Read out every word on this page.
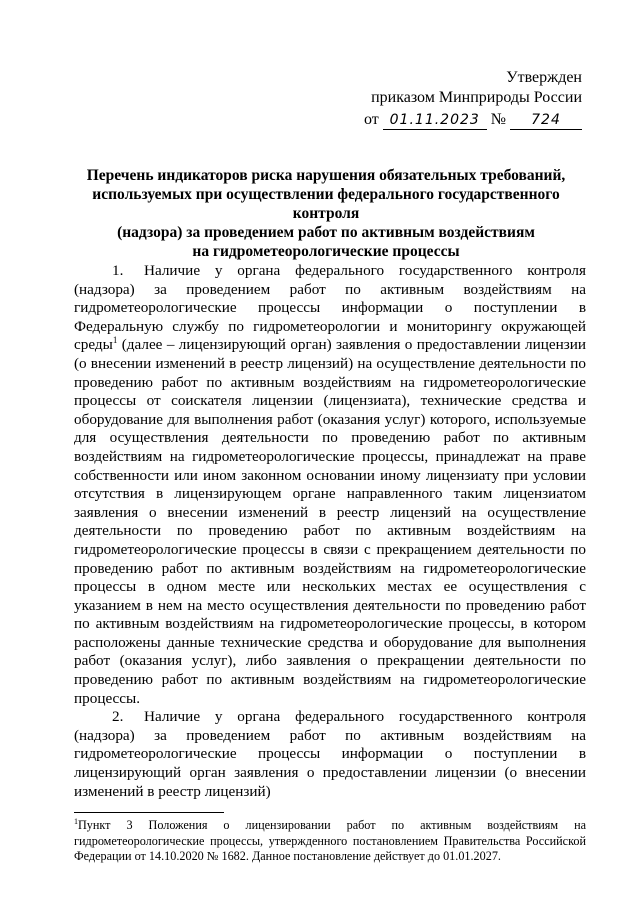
Утвержден
приказом Минприроды России
от 01.11.2023 №	724
Перечень индикаторов риска нарушения обязательных требований,
используемых при осуществлении федерального государственного контроля
(надзора) за проведением работ по активным воздействиям
на гидрометеорологические процессы

1. Наличие у органа федерального государственного контроля (надзора) за проведением работ по активным воздействиям на гидрометеорологические процессы информации о поступлении в Федеральную службу по гидрометеорологии и мониторингу окружающей среды$^1$ (далее – лицензирующий орган) заявления о предоставлении лицензии (о внесении изменений в реестр лицензий) на осуществление деятельности по проведению работ по активным воздействиям на гидрометеорологические процессы от соискателя лицензии (лицензиата), технические средства и оборудование для выполнения работ (оказания услуг) которого, используемые для осуществления деятельности по проведению работ по активным воздействиям на гидрометеорологические процессы, принадлежат на праве собственности или ином законном основании иному лицензиату при условии отсутствия в лицензирующем органе направленного таким лицензиатом заявления о внесении изменений в реестр лицензий на осуществление деятельности по проведению работ по активным воздействиям на гидрометеорологические процессы в связи с прекращением деятельности по проведению работ по активным воздействиям на гидрометеорологические процессы в одном месте или нескольких местах ее осуществления с указанием в нем на место осуществления деятельности по проведению работ по активным воздействиям на гидрометеорологические процессы, в котором расположены данные технические средства и оборудование для выполнения работ (оказания услуг), либо заявления о прекращении деятельности по проведению работ по активным воздействиям на гидрометеорологические процессы.

2. Наличие у органа федерального государственного контроля (надзора) за проведением работ по активным воздействиям на гидрометеорологические процессы информации о поступлении в лицензирующий орган заявления о предоставлении лицензии (о внесении изменений в реестр лицензий)

$^1$Пункт 3 Положения о лицензировании работ по активным воздействиям на гидрометеорологические процессы, утвержденного постановлением Правительства Российской Федерации от 14.10.2020 № 1682. Данное постановление действует до 01.01.2027.
